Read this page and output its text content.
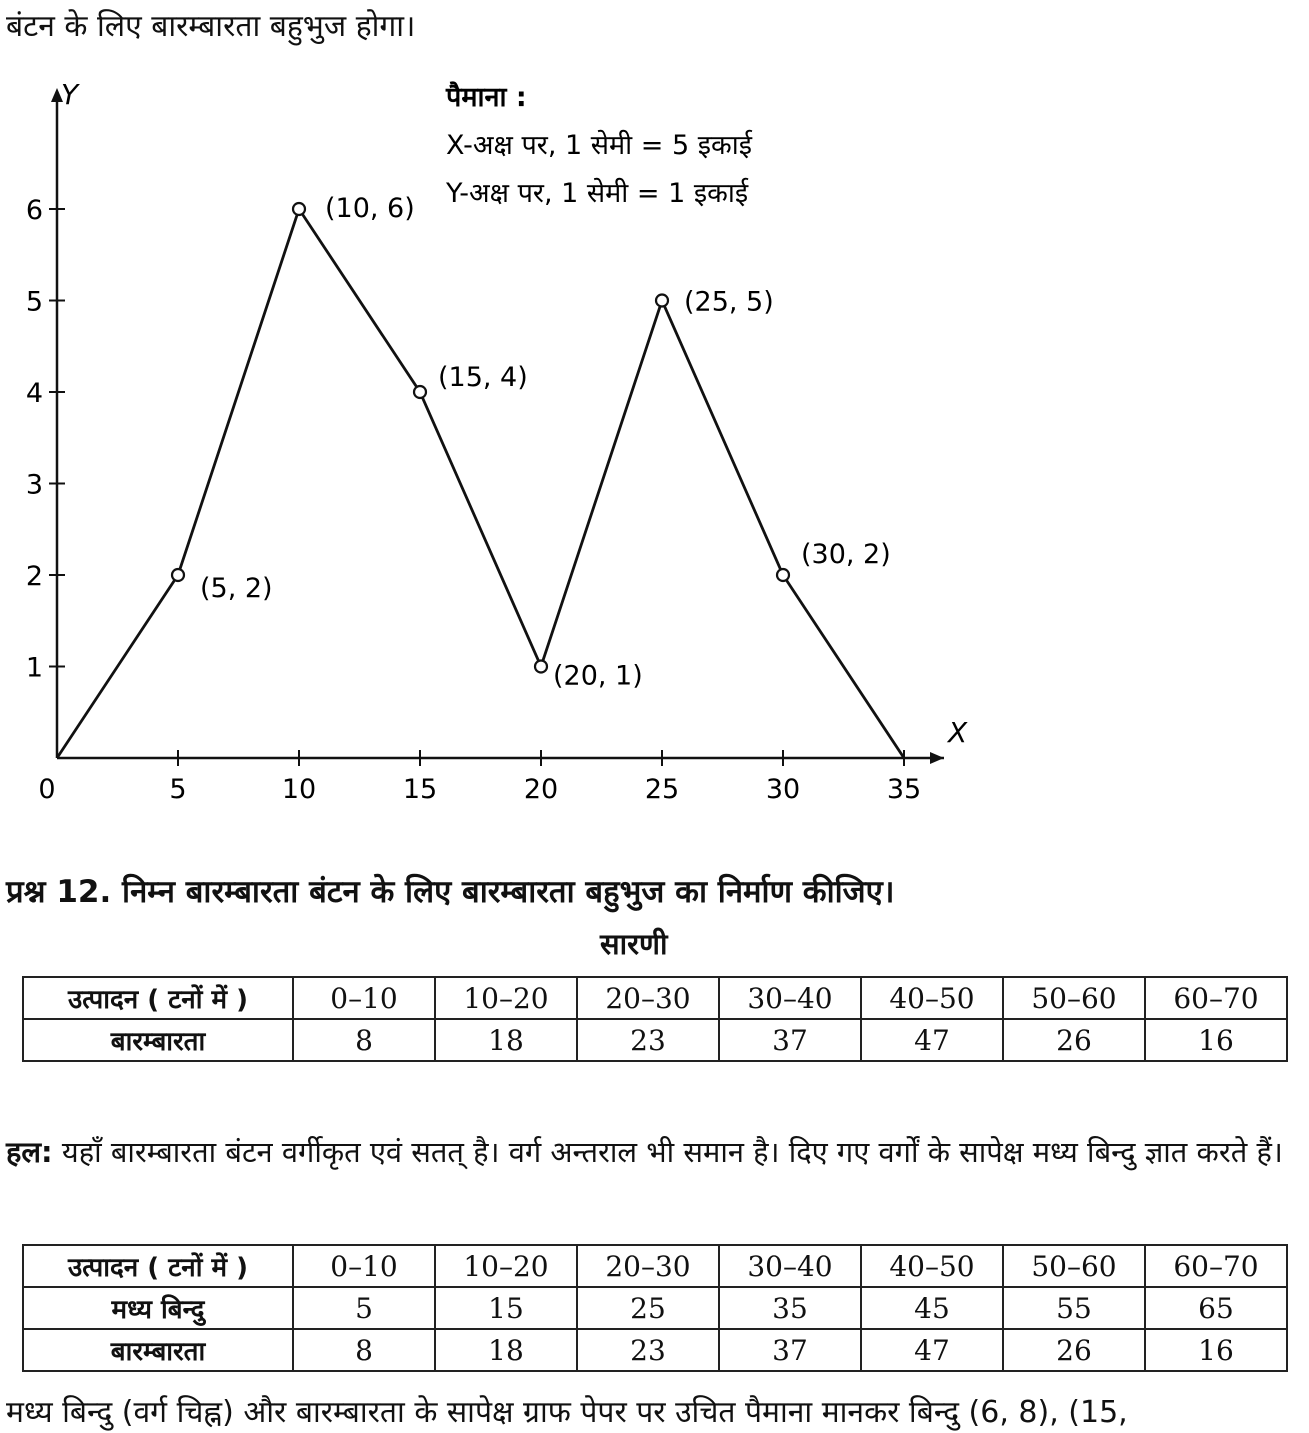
बंटन के लिए बारम्बारता बहुभुज होगा।
X
Y
0	5	10	15	20	25	30	35
1
2
3
4
5
6
(5, 2)
(10, 6)
(15, 4)
(20, 1)
(25, 5)
(30, 2)
पैमाना :
X-अक्ष पर, 1 सेमी = 5 इकाई
Y-अक्ष पर, 1 सेमी = 1 इकाई
प्रश्न 12. निम्न बारम्बारता बंटन के लिए बारम्बारता बहुभुज का निर्माण कीजिए।
सारणी
उत्पादन ( टनों में )	0–10	10–20	20–30	30–40	40–50	50–60	60–70
बारम्बारता	8	18	23	37	47	26	16
हल: यहाँ बारम्बारता बंटन वर्गीकृत एवं सतत् है। वर्ग अन्तराल भी समान है। दिए गए वर्गों के सापेक्ष मध्य बिन्दु ज्ञात करते हैं।
उत्पादन ( टनों में )	0–10	10–20	20–30	30–40	40–50	50–60	60–70
मध्य बिन्दु	5	15	25	35	45	55	65
बारम्बारता	8	18	23	37	47	26	16
मध्य बिन्दु (वर्ग चिह्न) और बारम्बारता के सापेक्ष ग्राफ पेपर पर उचित पैमाना मानकर बिन्दु (6, 8), (15,
